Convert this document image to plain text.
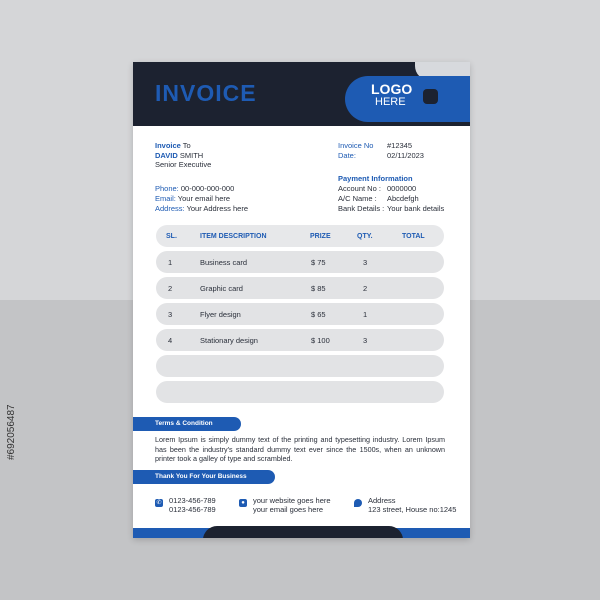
#692056487
INVOICE	LOGO
HERE
Invoice To
DAVID SMITH
Senior Executive
Phone: 00-000-000-000
Email: Your email here
Address: Your Address here
Invoice No #12345
Date:	02/11/2023
Payment Information
Account No : 0000000
A/C Name : Abcdefgh
Bank Details : Your bank details
SL.	ITEM DESCRIPTION	PRIZE	QTY.	TOTAL
1	Business card	$ 75	3
2	Graphic card	$ 85	2
3	Flyer design	$ 65	1
4	Stationary design	$ 100	3
Terms & Condition
Lorem Ipsum is simply dummy text of the printing and typesetting industry. Lorem Ipsum has been the industry's standard dummy text ever since the 1500s, when an unknown printer took a galley of type and scrambled.
Thank You For Your Business
✆ 0123-456-789
0123-456-789
● your website goes here
your email goes here
Address
123 street, House no:1245
